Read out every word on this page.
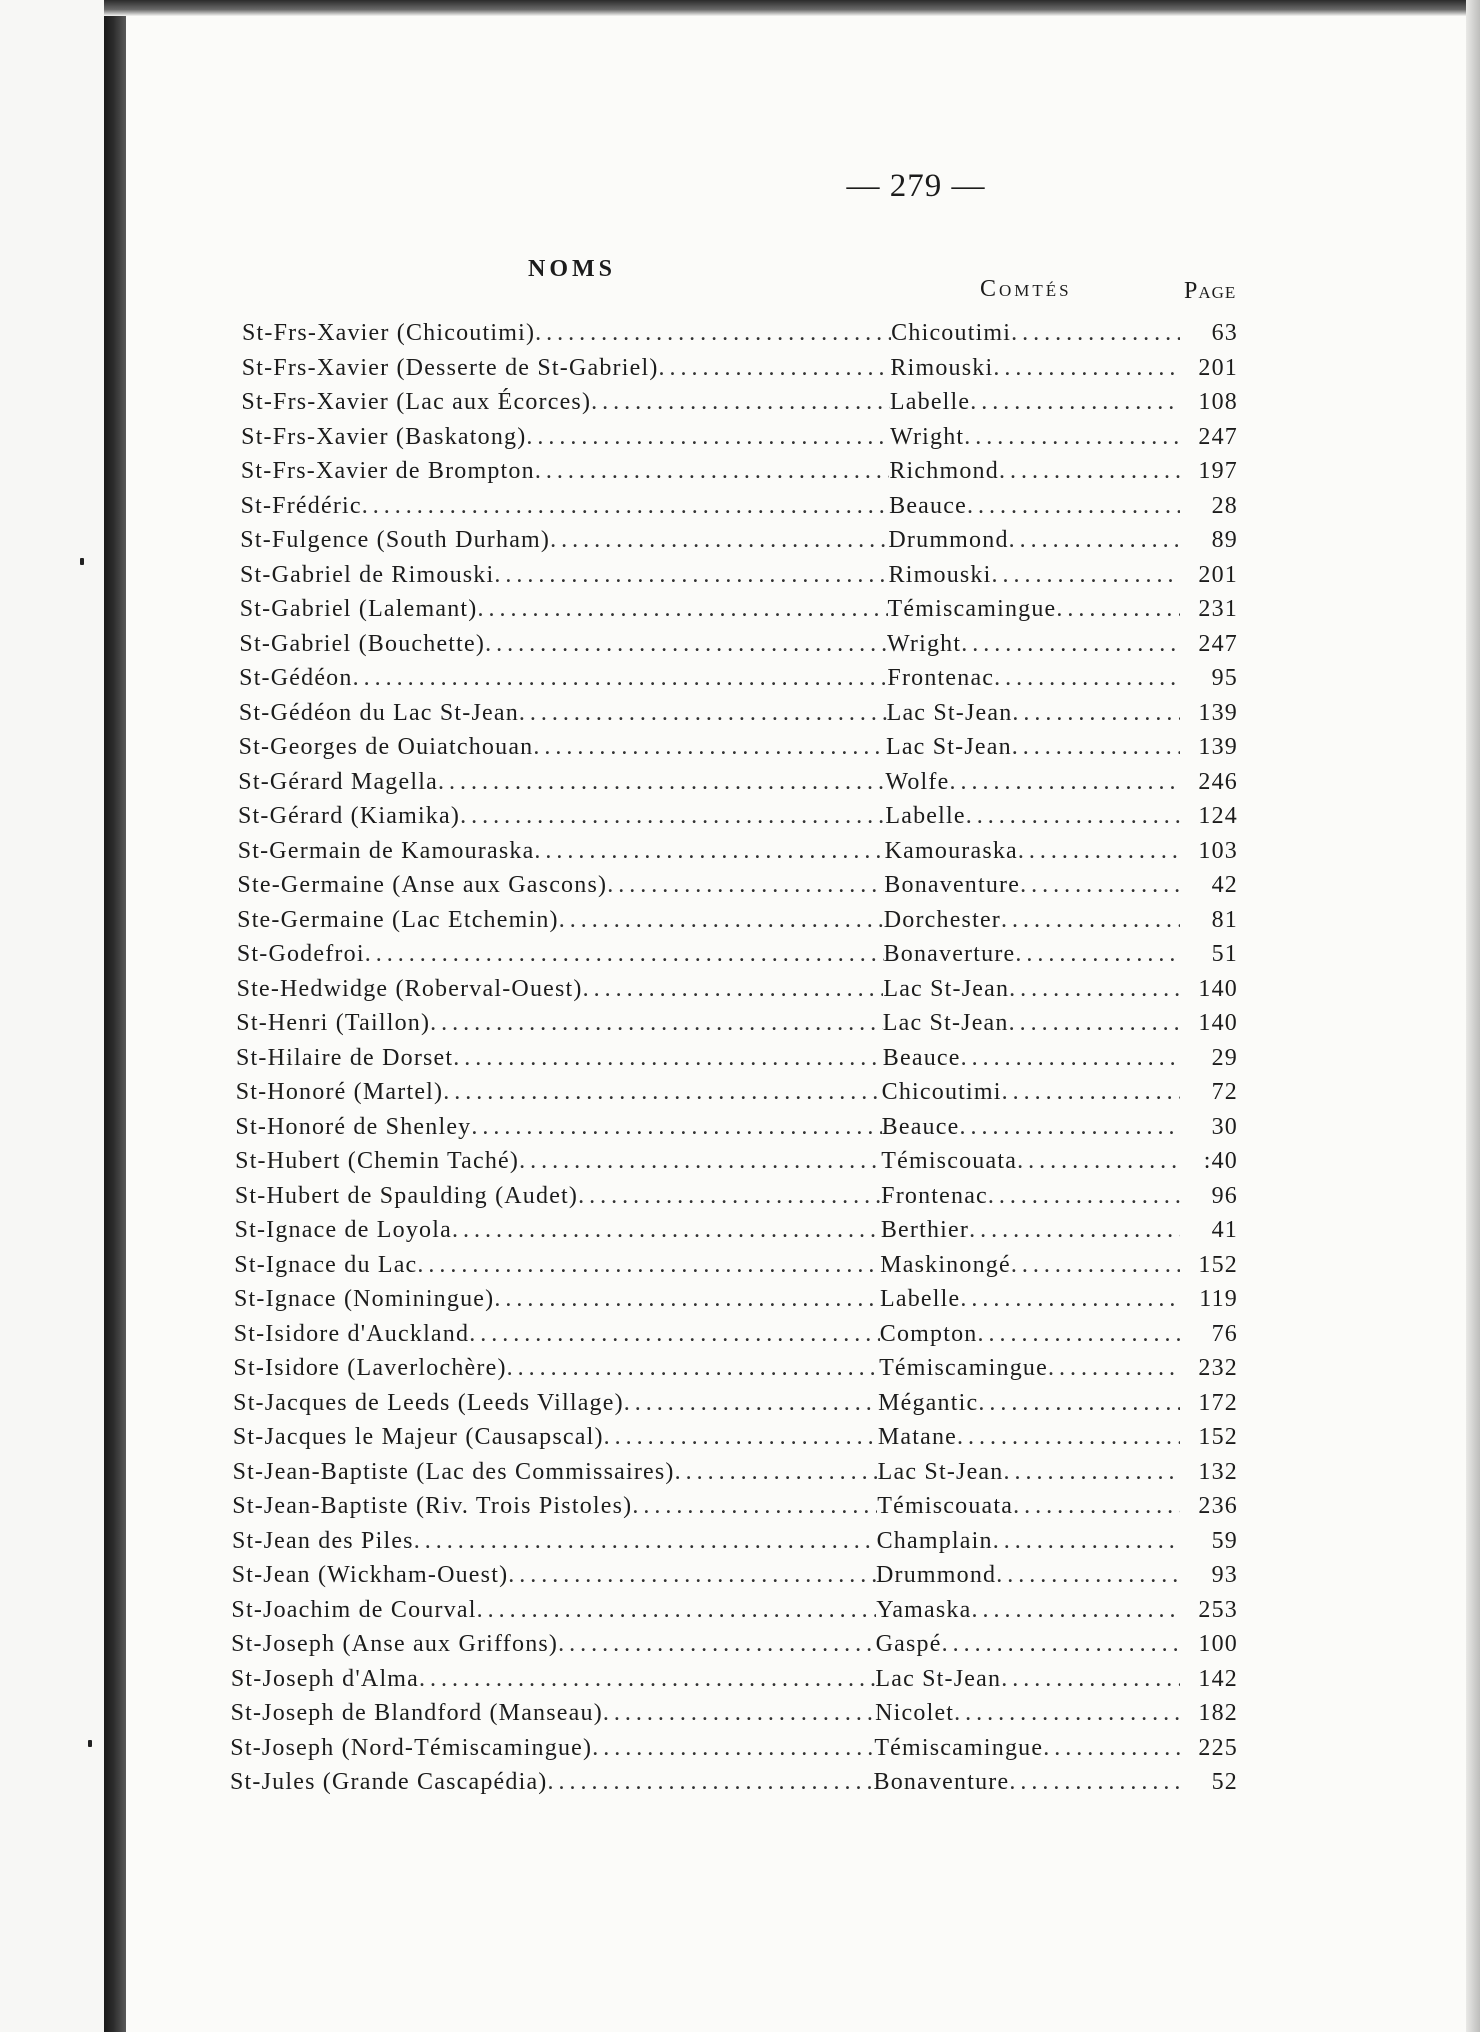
— 279 —
NOMS
Comtés	Page
St-Frs-Xavier (Chicoutimi) .....	Chicoutimi .....	63
St-Frs-Xavier (Desserte de St-Gabriel) .....	Rimouski .....	201
St-Frs-Xavier (Lac aux Écorces) .....	Labelle .....	108
St-Frs-Xavier (Baskatong) .....	Wright .....	247
St-Frs-Xavier de Brompton .....	Richmond .....	197
St-Frédéric .....	Beauce .....	28
St-Fulgence (South Durham) .....	Drummond .....	89
St-Gabriel de Rimouski .....	Rimouski .....	201
St-Gabriel (Lalemant) .....	Témiscamingue .....	231
St-Gabriel (Bouchette) .....	Wright .....	247
St-Gédéon .....	Frontenac .....	95
St-Gédéon du Lac St-Jean .....	Lac St-Jean .....	139
St-Georges de Ouiatchouan .....	Lac St-Jean .....	139
St-Gérard Magella .....	Wolfe .....	246
St-Gérard (Kiamika) .....	Labelle .....	124
St-Germain de Kamouraska .....	Kamouraska .....	103
Ste-Germaine (Anse aux Gascons) .....	Bonaventure .....	42
Ste-Germaine (Lac Etchemin) .....	Dorchester .....	81
St-Godefroi .....	Bonaverture .....	51
Ste-Hedwidge (Roberval-Ouest) .....	Lac St-Jean .....	140
St-Henri (Taillon) .....	Lac St-Jean .....	140
St-Hilaire de Dorset .....	Beauce .....	29
St-Honoré (Martel) .....	Chicoutimi .....	72
St-Honoré de Shenley .....	Beauce .....	30
St-Hubert (Chemin Taché) .....	Témiscouata .....	:40
St-Hubert de Spaulding (Audet) .....	Frontenac .....	96
St-Ignace de Loyola .....	Berthier .....	41
St-Ignace du Lac .....	Maskinongé .....	152
St-Ignace (Nominingue) .....	Labelle .....	119
St-Isidore d'Auckland .....	Compton .....	76
St-Isidore (Laverlochère) .....	Témiscamingue .....	232
St-Jacques de Leeds (Leeds Village) .....	Mégantic .....	172
St-Jacques le Majeur (Causapscal) .....	Matane .....	152
St-Jean-Baptiste (Lac des Commissaires) .....	Lac St-Jean .....	132
St-Jean-Baptiste (Riv. Trois Pistoles) .....	Témiscouata .....	236
St-Jean des Piles .....	Champlain .....	59
St-Jean (Wickham-Ouest) .....	Drummond .....	93
St-Joachim de Courval .....	Yamaska .....	253
St-Joseph (Anse aux Griffons) .....	Gaspé .....	100
St-Joseph d'Alma .....	Lac St-Jean .....	142
St-Joseph de Blandford (Manseau) .....	Nicolet .....	182
St-Joseph (Nord-Témiscamingue) .....	Témiscamingue .....	225
St-Jules (Grande Cascapédia) .....	Bonaventure .....	52
